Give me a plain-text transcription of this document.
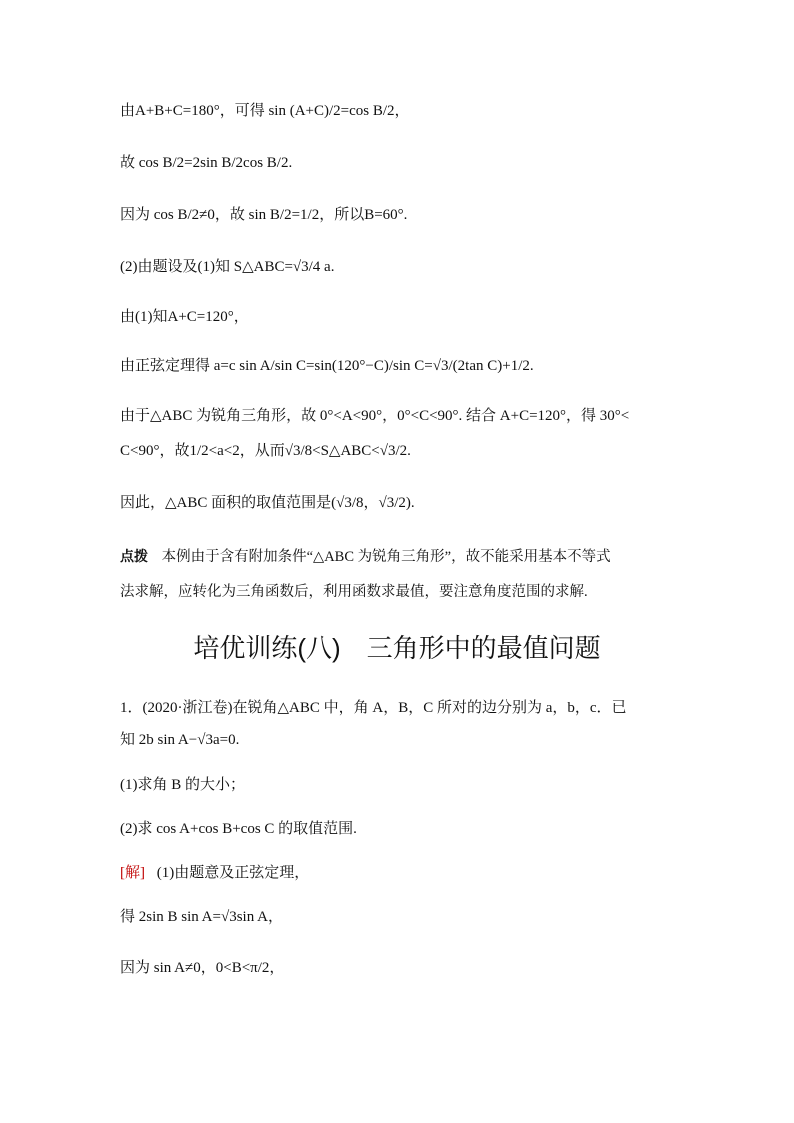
由A+B+C=180°，可得 sin (A+C)/2=cos B/2，
故 cos B/2=2sin B/2cos B/2.
因为 cos B/2≠0，故 sin B/2=1/2，所以B=60°.
(2)由题设及(1)知 S△ABC=√3/4 a.
由(1)知A+C=120°，
由正弦定理得 a=c sin A/sin C=sin(120°−C)/sin C=√3/(2tan C)+1/2.
由于△ABC 为锐角三角形，故 0°<A<90°，0°<C<90°. 结合 A+C=120°，得 30°<
C<90°，故1/2<a<2，从而√3/8<S△ABC<√3/2.
因此，△ABC 面积的取值范围是(√3/8，√3/2).
点拨 本例由于含有附加条件“△ABC 为锐角三角形”，故不能采用基本不等式
法求解，应转化为三角函数后，利用函数求最值，要注意角度范围的求解.
培优训练(八)　三角形中的最值问题
1．(2020·浙江卷)在锐角△ABC 中，角 A，B，C 所对的边分别为 a，b，c．已
知 2b sin A−√3a=0.
(1)求角 B 的大小；
(2)求 cos A+cos B+cos C 的取值范围.
[解] (1)由题意及正弦定理，
得 2sin B sin A=√3sin A，
因为 sin A≠0，0<B<π/2，
